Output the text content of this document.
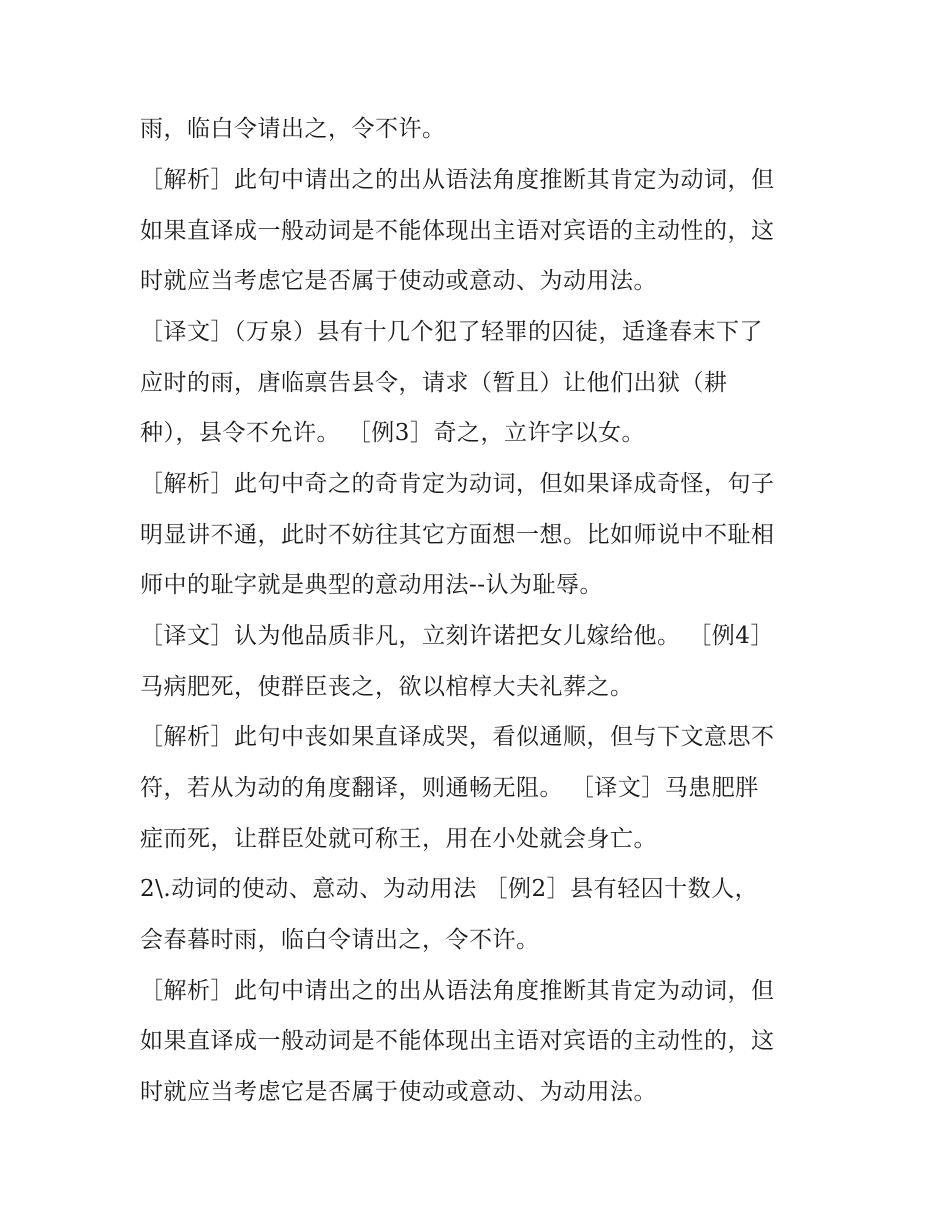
雨，临白令请出之，令不许。
［解析］此句中请出之的出从语法角度推断其肯定为动词，但
如果直译成一般动词是不能体现出主语对宾语的主动性的，这
时就应当考虑它是否属于使动或意动、为动用法。
［译文］（万泉）县有十几个犯了轻罪的囚徒，适逢春末下了
应时的雨，唐临禀告县令，请求（暂且）让他们出狱（耕
种），县令不允许。 ［例3］奇之，立许字以女。
［解析］此句中奇之的奇肯定为动词，但如果译成奇怪，句子
明显讲不通，此时不妨往其它方面想一想。比如师说中不耻相
师中的耻字就是典型的意动用法--认为耻辱。
［译文］认为他品质非凡，立刻许诺把女儿嫁给他。 ［例4］
马病肥死，使群臣丧之，欲以棺椁大夫礼葬之。
［解析］此句中丧如果直译成哭，看似通顺，但与下文意思不
符，若从为动的角度翻译，则通畅无阻。 ［译文］马患肥胖
症而死，让群臣处就可称王，用在小处就会身亡。
2\.动词的使动、意动、为动用法 ［例2］县有轻囚十数人，
会春暮时雨，临白令请出之，令不许。
［解析］此句中请出之的出从语法角度推断其肯定为动词，但
如果直译成一般动词是不能体现出主语对宾语的主动性的，这
时就应当考虑它是否属于使动或意动、为动用法。
